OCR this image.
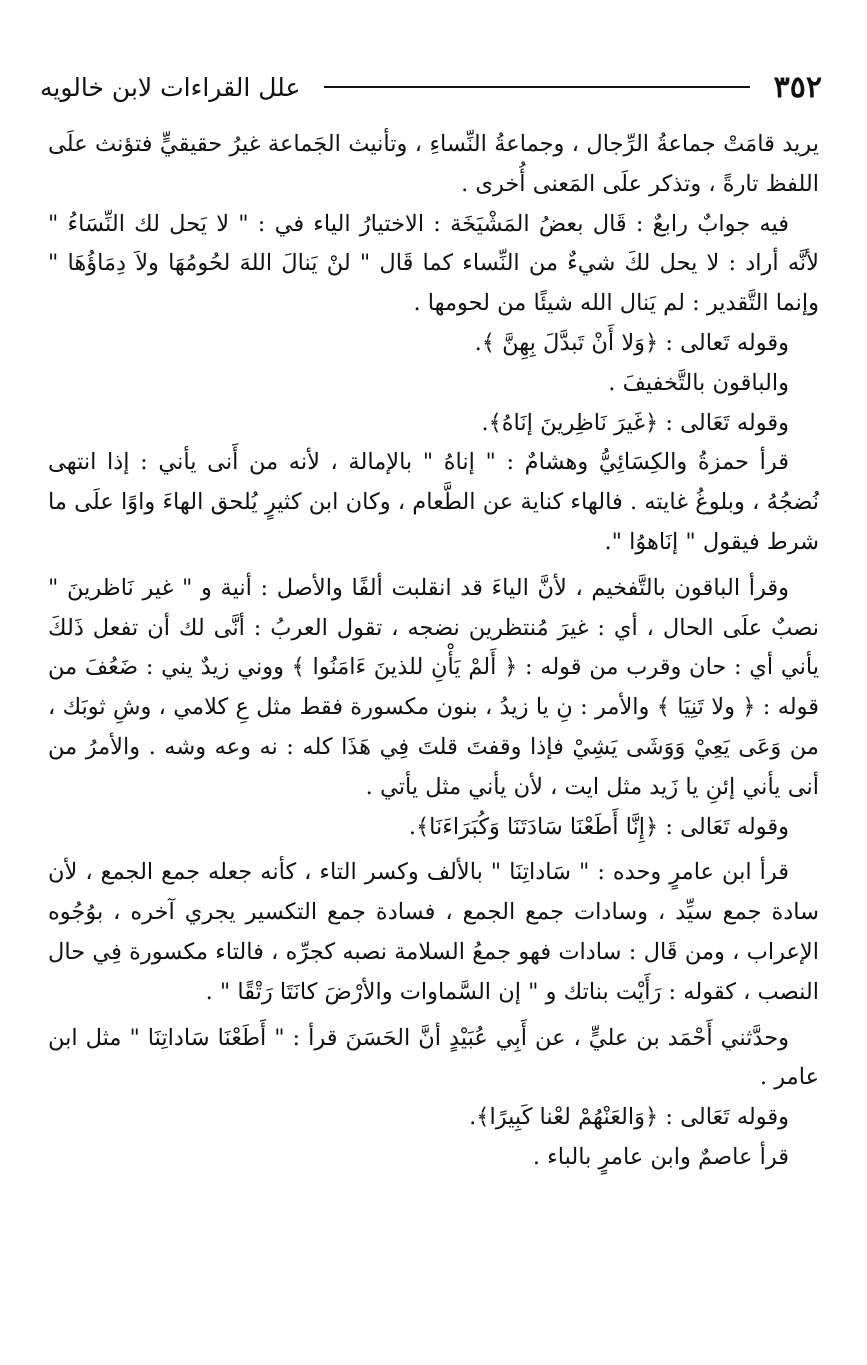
٣٥٢
علل القراءات لابن خالويه

يريد قامَتْ جماعةُ الرِّجال ، وجماعةُ النِّساءِ ، وتأنيث الجَماعة غيرُ حقيقيٍّ فتؤنث علَى اللفظ تارةً ، وتذكر علَى المَعنى أُخرى .

فيه جوابٌ رابعٌ : قَال بعضُ المَشْيَخَة : الاختيارُ الياء في : " لا يَحل لك النِّسَاءُ " لأنَّه أراد : لا يحل لكَ شيءٌ من النِّساء كما قَال " لنْ يَنالَ اللهَ لحُومُهَا ولاَ دِمَاؤُهَا " وإنما التَّقدير : لم يَنال الله شيئًا من لحومها .

وقوله تَعالى : ﴿وَلا أَنْ تَبدَّلَ بِهِنَّ ﴾.

والباقون بالتَّخفيفَ .

وقوله تَعَالى : ﴿غَيرَ نَاظِرينَ إنَاهُ﴾.

قرأ حمزةُ والكِسَائِيُّ وهشامٌ : " إناهُ " بالإمالة ، لأنه من أَنى يأني : إذا انتهى نُضجُهُ ، وبلوغُ غايته . فالهاء كناية عن الطَّعام ، وكان ابن كثيرٍ يُلحق الهاءَ واوًا علَى ما شرط فيقول " إنَاهوُا ".

وقرأ الباقون بالتَّفخيم ، لأنَّ الياءَ قد انقلبت ألفًا والأصل : أنية و " غير نَاظرينَ " نصبٌ علَى الحال ، أي : غيرَ مُنتظرين نضجه ، تقول العربُ : أنَّى لك أن تفعل ذَلكَ يأني أي : حان وقرب من قوله : ﴿ أَلمْ يَأْنِ للذينَ ءَامَنُوا ﴾ ووني زيدٌ يني : ضَعُفَ من قوله : ﴿ ولا تَنِيَا ﴾ والأمر : نِ يا زيدُ ، بنون مكسورة فقط مثل عِ كلامي ، وشِ ثوبَك ، من وَعَى يَعِيْ وَوَشَى يَشِيْ فإذا وقفتَ قلتَ فِي هَذَا كله : نه وعه وشه . والأمرُ من أنى يأني إئنِ يا زَيد مثل ايت ، لأن يأني مثل يأتي .

وقوله تَعَالى : ﴿إِنَّا أَطَعْنَا سَادَتَنَا وَكُبَرَاءَنَا﴾.

قرأ ابن عامرٍ وحده : " سَاداتِنَا " بالألف وكسر التاء ، كأنه جعله جمع الجمع ، لأن سادة جمع سيِّد ، وسادات جمع الجمع ، فسادة جمع التكسير يجري آخره ، بوُجُوه الإعراب ، ومن قَال : سادات فهو جمعُ السلامة نصبه كجرِّه ، فالتاء مكسورة فِي حال النصب ، كقوله : رَأَيْت بناتك و " إن السَّماوات والأرْضَ كانَتَا رَتْقًا " .

وحدَّثني أَحْمَد بن عليٍّ ، عن أَبِي عُبَيْدٍ أنَّ الحَسَنَ قرأ : " أَطَعْنَا سَاداتِنَا " مثل ابن عامر .

وقوله تَعَالى : ﴿وَالعَنْهُمْ لعْنا كَبِيرًا﴾.

قرأ عاصمٌ وابن عامرٍ بالباء .
